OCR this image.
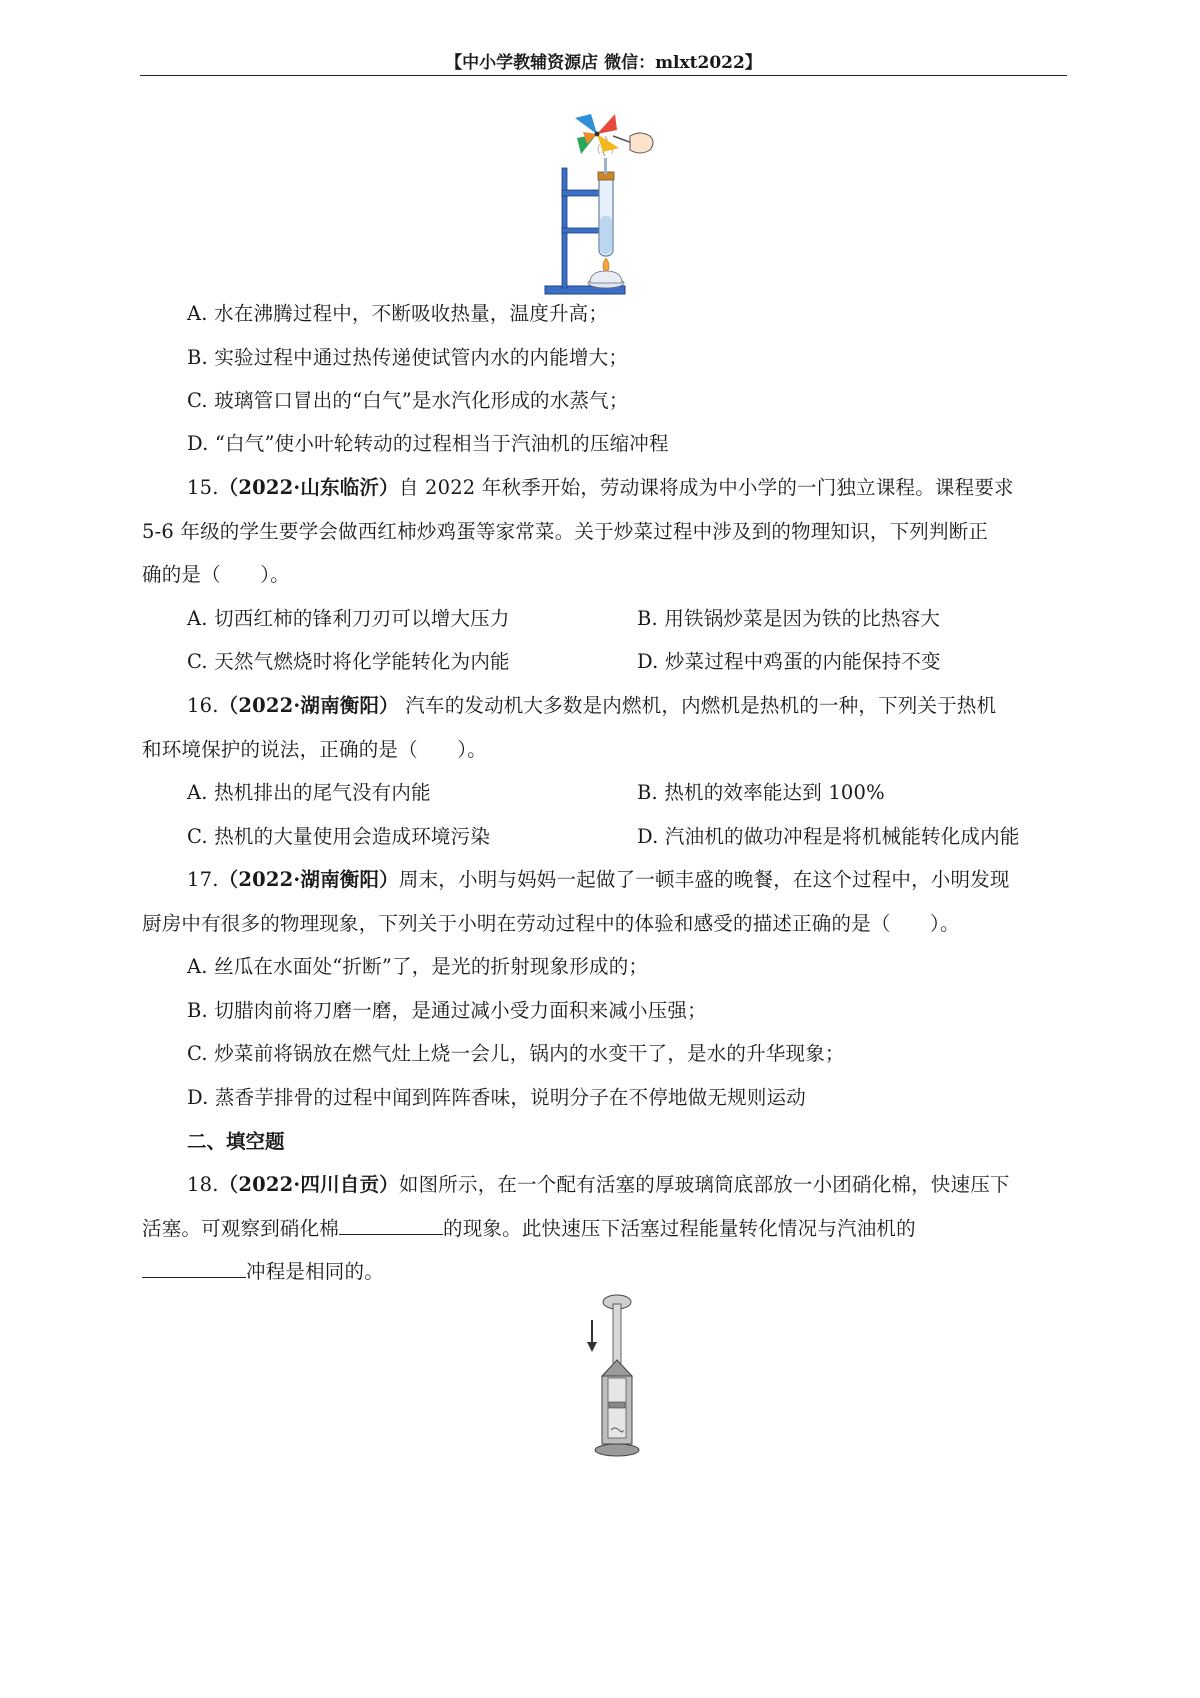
【中小学教辅资源店 微信：mlxt2022】
A. 水在沸腾过程中，不断吸收热量，温度升高；
B. 实验过程中通过热传递使试管内水的内能增大；
C. 玻璃管口冒出的“白气”是水汽化形成的水蒸气；
D. “白气”使小叶轮转动的过程相当于汽油机的压缩冲程
15.（2022·山东临沂）自 2022 年秋季开始，劳动课将成为中小学的一门独立课程。课程要求
5-6 年级的学生要学会做西红柿炒鸡蛋等家常菜。关于炒菜过程中涉及到的物理知识，下列判断正
确的是（　　）。
A. 切西红柿的锋利刀刃可以增大压力	B. 用铁锅炒菜是因为铁的比热容大
C. 天然气燃烧时将化学能转化为内能	D. 炒菜过程中鸡蛋的内能保持不变
16.（2022·湖南衡阳） 汽车的发动机大多数是内燃机，内燃机是热机的一种，下列关于热机
和环境保护的说法，正确的是（　　）。
A. 热机排出的尾气没有内能	B. 热机的效率能达到 100%
C. 热机的大量使用会造成环境污染	D. 汽油机的做功冲程是将机械能转化成内能
17.（2022·湖南衡阳）周末，小明与妈妈一起做了一顿丰盛的晚餐，在这个过程中，小明发现
厨房中有很多的物理现象，下列关于小明在劳动过程中的体验和感受的描述正确的是（　　）。
A. 丝瓜在水面处“折断”了，是光的折射现象形成的；
B. 切腊肉前将刀磨一磨，是通过减小受力面积来减小压强；
C. 炒菜前将锅放在燃气灶上烧一会儿，锅内的水变干了，是水的升华现象；
D. 蒸香芋排骨的过程中闻到阵阵香味，说明分子在不停地做无规则运动
二、填空题
18.（2022·四川自贡）如图所示，在一个配有活塞的厚玻璃筒底部放一小团硝化棉，快速压下
活塞。可观察到硝化棉	的现象。此快速压下活塞过程能量转化情况与汽油机的
冲程是相同的。
